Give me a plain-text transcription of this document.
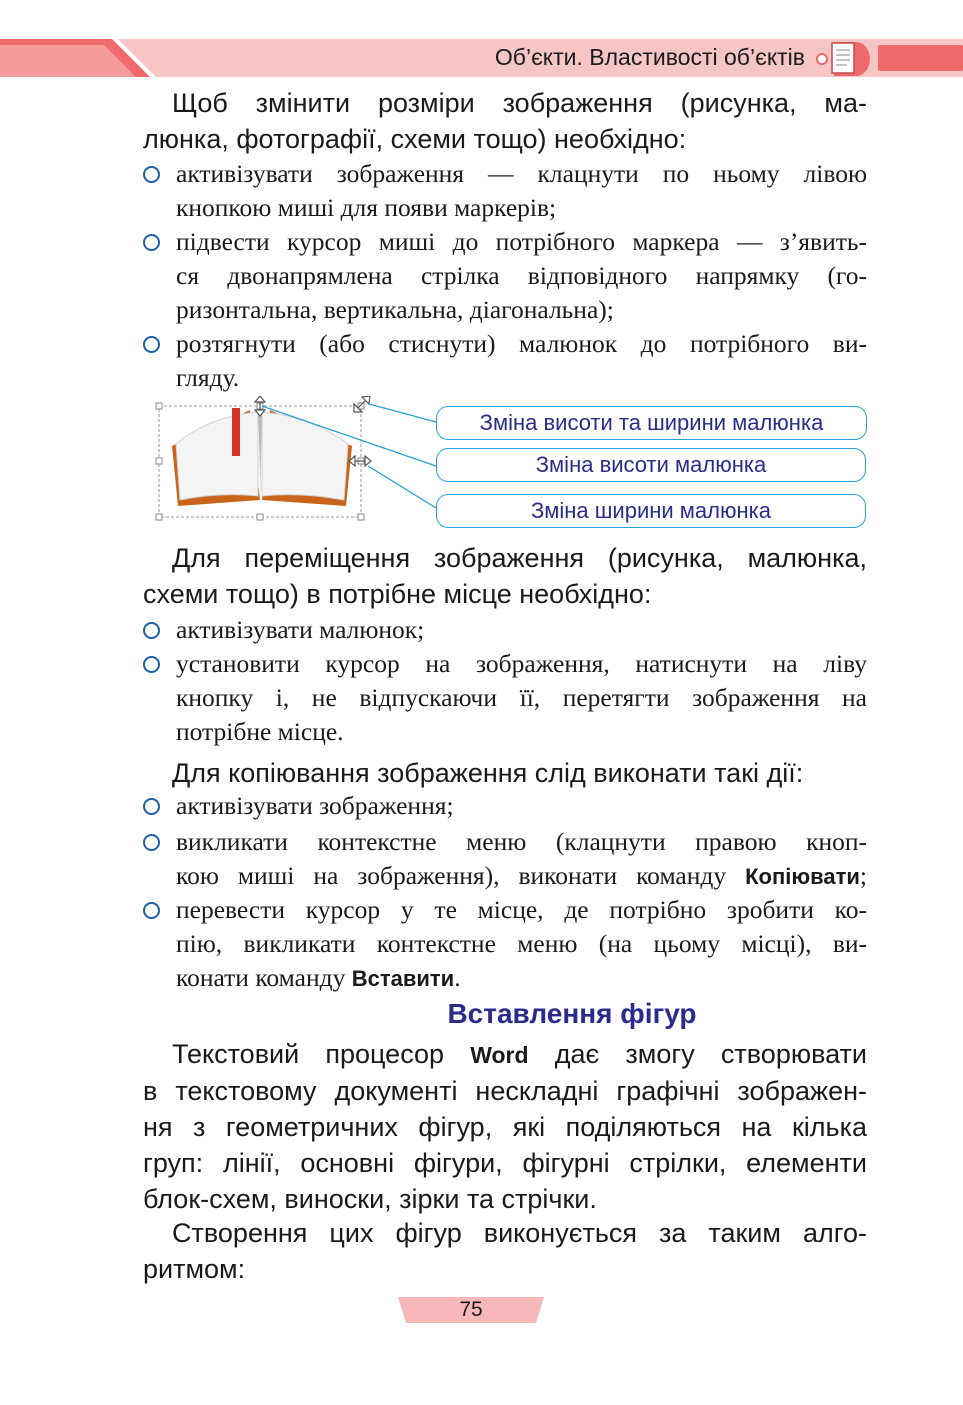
Об’єкти. Властивості об’єктів
Щоб змінити розміри зображення (рисунка, ма-
люнка, фотографії, схеми тощо) необхідно:
активізувати зображення — клацнути по ньому лівою
кнопкою миші для появи маркерів;
підвести курсор миші до потрібного маркера — з’явить-
ся двонапрямлена стрілка відповідного напрямку (го-
ризонтальна, вертикальна, діагональна);
розтягнути (або стиснути) малюнок до потрібного ви-
гляду.
Зміна висоти та ширини малюнка
Зміна висоти малюнка
Зміна ширини малюнка
Для переміщення зображення (рисунка, малюнка,
схеми тощо) в потрібне місце необхідно:
активізувати малюнок;
установити курсор на зображення, натиснути на ліву
кнопку і, не відпускаючи її, перетягти зображення на
потрібне місце.
Для копіювання зображення слід виконати такі дії:
активізувати зображення;
викликати контекстне меню (клацнути правою кноп-
кою миші на зображення), виконати команду Копіювати;
перевести курсор у те місце, де потрібно зробити ко-
пію, викликати контекстне меню (на цьому місці), ви-
конати команду Вставити.
Вставлення фігур
Текстовий процесор Word дає змогу створювати
в текстовому документі нескладні графічні зображен-
ня з геометричних фігур, які поділяються на кілька
груп: лінії, основні фігури, фігурні стрілки, елементи
блок-схем, виноски, зірки та стрічки.
Створення цих фігур виконується за таким алго-
ритмом:
75
